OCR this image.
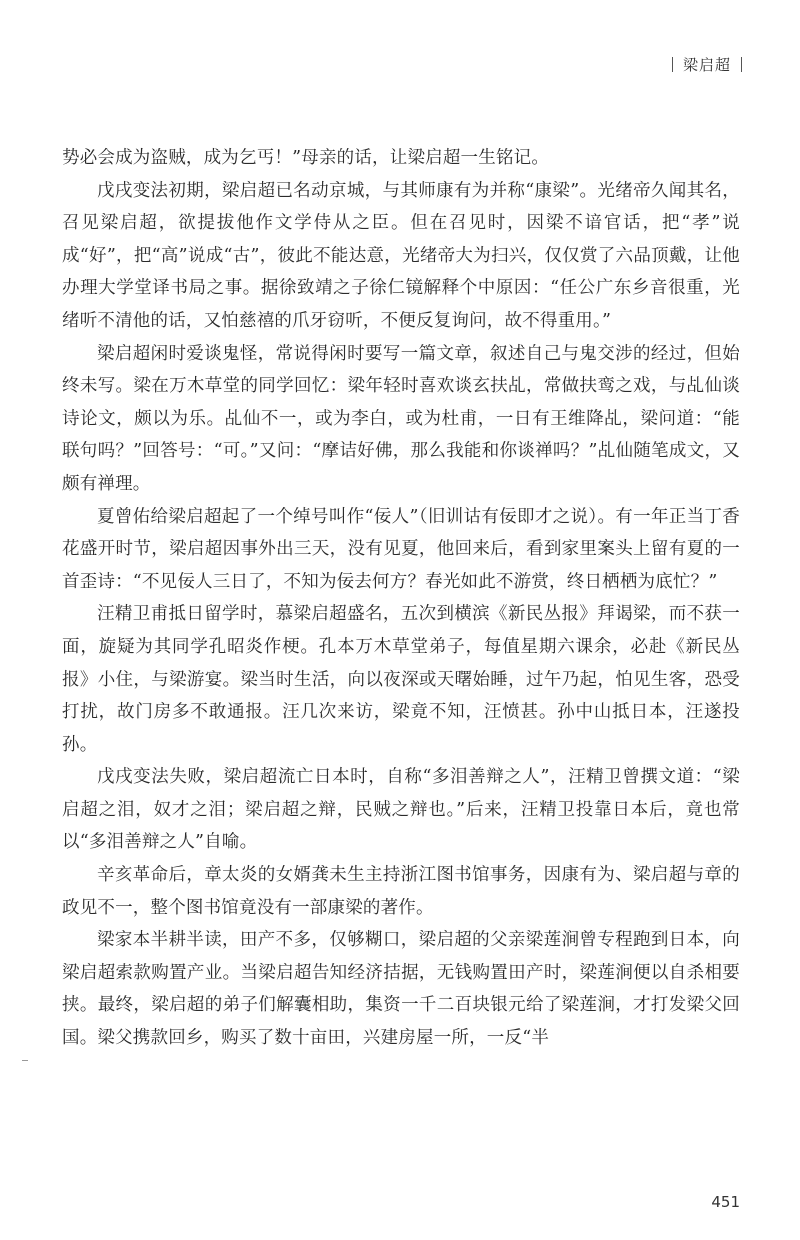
梁启超

势必会成为盗贼，成为乞丐！”母亲的话，让梁启超一生铭记。

戊戌变法初期，梁启超已名动京城，与其师康有为并称“康梁”。光绪帝久闻其名，召见梁启超，欲提拔他作文学侍从之臣。但在召见时，因梁不谙官话，把“孝”说成“好”，把“高”说成“古”，彼此不能达意，光绪帝大为扫兴，仅仅赏了六品顶戴，让他办理大学堂译书局之事。据徐致靖之子徐仁镜解释个中原因：“任公广东乡音很重，光绪听不清他的话，又怕慈禧的爪牙窃听，不便反复询问，故不得重用。”

梁启超闲时爱谈鬼怪，常说得闲时要写一篇文章，叙述自己与鬼交涉的经过，但始终未写。梁在万木草堂的同学回忆：梁年轻时喜欢谈玄扶乩，常做扶鸾之戏，与乩仙谈诗论文，颇以为乐。乩仙不一，或为李白，或为杜甫，一日有王维降乩，梁问道：“能联句吗？”回答号：“可。”又问：“摩诘好佛，那么我能和你谈禅吗？”乩仙随笔成文，又颇有禅理。

夏曾佑给梁启超起了一个绰号叫作“佞人”（旧训诂有佞即才之说）。有一年正当丁香花盛开时节，梁启超因事外出三天，没有见夏，他回来后，看到家里案头上留有夏的一首歪诗：“不见佞人三日了，不知为佞去何方？春光如此不游赏，终日栖栖为底忙？”

汪精卫甫抵日留学时，慕梁启超盛名，五次到横滨《新民丛报》拜谒梁，而不获一面，旋疑为其同学孔昭炎作梗。孔本万木草堂弟子，每值星期六课余，必赴《新民丛报》小住，与梁游宴。梁当时生活，向以夜深或天曙始睡，过午乃起，怕见生客，恐受打扰，故门房多不敢通报。汪几次来访，梁竟不知，汪愤甚。孙中山抵日本，汪遂投孙。

戊戌变法失败，梁启超流亡日本时，自称“多泪善辩之人”，汪精卫曾撰文道：“梁启超之泪，奴才之泪；梁启超之辩，民贼之辩也。”后来，汪精卫投靠日本后，竟也常以“多泪善辩之人”自喻。

辛亥革命后，章太炎的女婿龚未生主持浙江图书馆事务，因康有为、梁启超与章的政见不一，整个图书馆竟没有一部康梁的著作。

梁家本半耕半读，田产不多，仅够糊口，梁启超的父亲梁莲涧曾专程跑到日本，向梁启超索款购置产业。当梁启超告知经济拮据，无钱购置田产时，梁莲涧便以自杀相要挟。最终，梁启超的弟子们解囊相助，集资一千二百块银元给了梁莲涧，才打发梁父回国。梁父携款回乡，购买了数十亩田，兴建房屋一所，一反“半

451
